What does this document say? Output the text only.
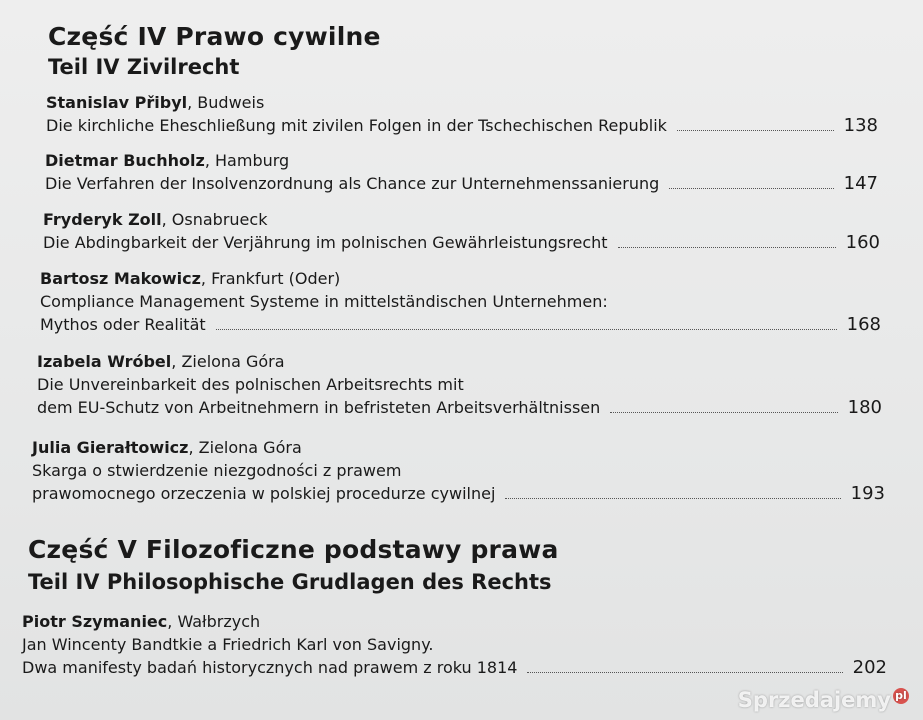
Część IV Prawo cywilne
Teil IV Zivilrecht
Stanislav Přibyl, Budweis
Die kirchliche Eheschließung mit zivilen Folgen in der Tschechischen Republik	138
Dietmar Buchholz, Hamburg
Die Verfahren der Insolvenzordnung als Chance zur Unternehmenssanierung	147
Fryderyk Zoll, Osnabrueck
Die Abdingbarkeit der Verjährung im polnischen Gewährleistungsrecht	160
Bartosz Makowicz, Frankfurt (Oder)
Compliance Management Systeme in mittelständischen Unternehmen:
Mythos oder Realität	168
Izabela Wróbel, Zielona Góra
Die Unvereinbarkeit des polnischen Arbeitsrechts mit
dem EU-Schutz von Arbeitnehmern in befristeten Arbeitsverhältnissen	180
Julia Gierałtowicz, Zielona Góra
Skarga o stwierdzenie niezgodności z prawem
prawomocnego orzeczenia w polskiej procedurze cywilnej	193
Część V Filozoficzne podstawy prawa
Teil IV Philosophische Grudlagen des Rechts
Piotr Szymaniec, Wałbrzych
Jan Wincenty Bandtkie a Friedrich Karl von Savigny.
Dwa manifesty badań historycznych nad prawem z roku 1814	202
Sprzedajemy pl
